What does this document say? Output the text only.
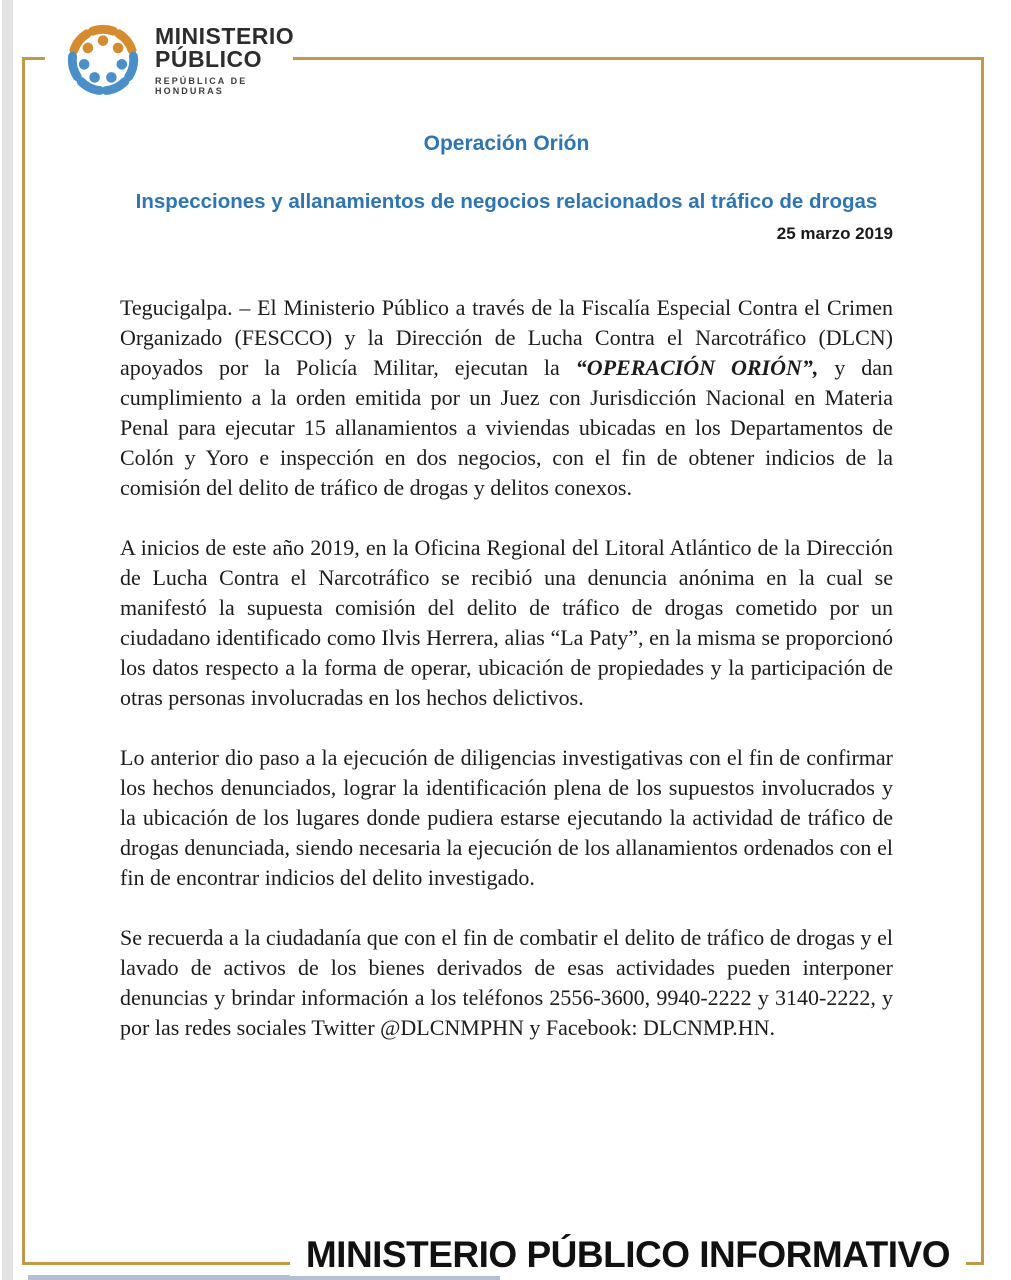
MINISTERIO
PÚBLICO
REPÚBLICA DE HONDURAS
Operación Orión
Inspecciones y allanamientos de negocios relacionados al tráfico de drogas
25 marzo 2019

Tegucigalpa. – El Ministerio Público a través de la Fiscalía Especial Contra el Crimen Organizado (FESCCO) y la Dirección de Lucha Contra el Narcotráfico (DLCN) apoyados por la Policía Militar, ejecutan la “OPERACIÓN ORIÓN”, y dan cumplimiento a la orden emitida por un Juez con Jurisdicción Nacional en Materia Penal para ejecutar 15 allanamientos a viviendas ubicadas en los Departamentos de Colón y Yoro e inspección en dos negocios, con el fin de obtener indicios de la comisión del delito de tráfico de drogas y delitos conexos.

A inicios de este año 2019, en la Oficina Regional del Litoral Atlántico de la Dirección de Lucha Contra el Narcotráfico se recibió una denuncia anónima en la cual se manifestó la supuesta comisión del delito de tráfico de drogas cometido por un ciudadano identificado como Ilvis Herrera, alias “La Paty”, en la misma se proporcionó los datos respecto a la forma de operar, ubicación de propiedades y la participación de otras personas involucradas en los hechos delictivos.

Lo anterior dio paso a la ejecución de diligencias investigativas con el fin de confirmar los hechos denunciados, lograr la identificación plena de los supuestos involucrados y la ubicación de los lugares donde pudiera estarse ejecutando la actividad de tráfico de drogas denunciada, siendo necesaria la ejecución de los allanamientos ordenados con el fin de encontrar indicios del delito investigado.

Se recuerda a la ciudadanía que con el fin de combatir el delito de tráfico de drogas y el lavado de activos de los bienes derivados de esas actividades pueden interponer denuncias y brindar información a los teléfonos 2556-3600, 9940-2222 y 3140-2222, y por las redes sociales Twitter @DLCNMPHN y Facebook: DLCNMP.HN.

MINISTERIO PÚBLICO INFORMATIVO
